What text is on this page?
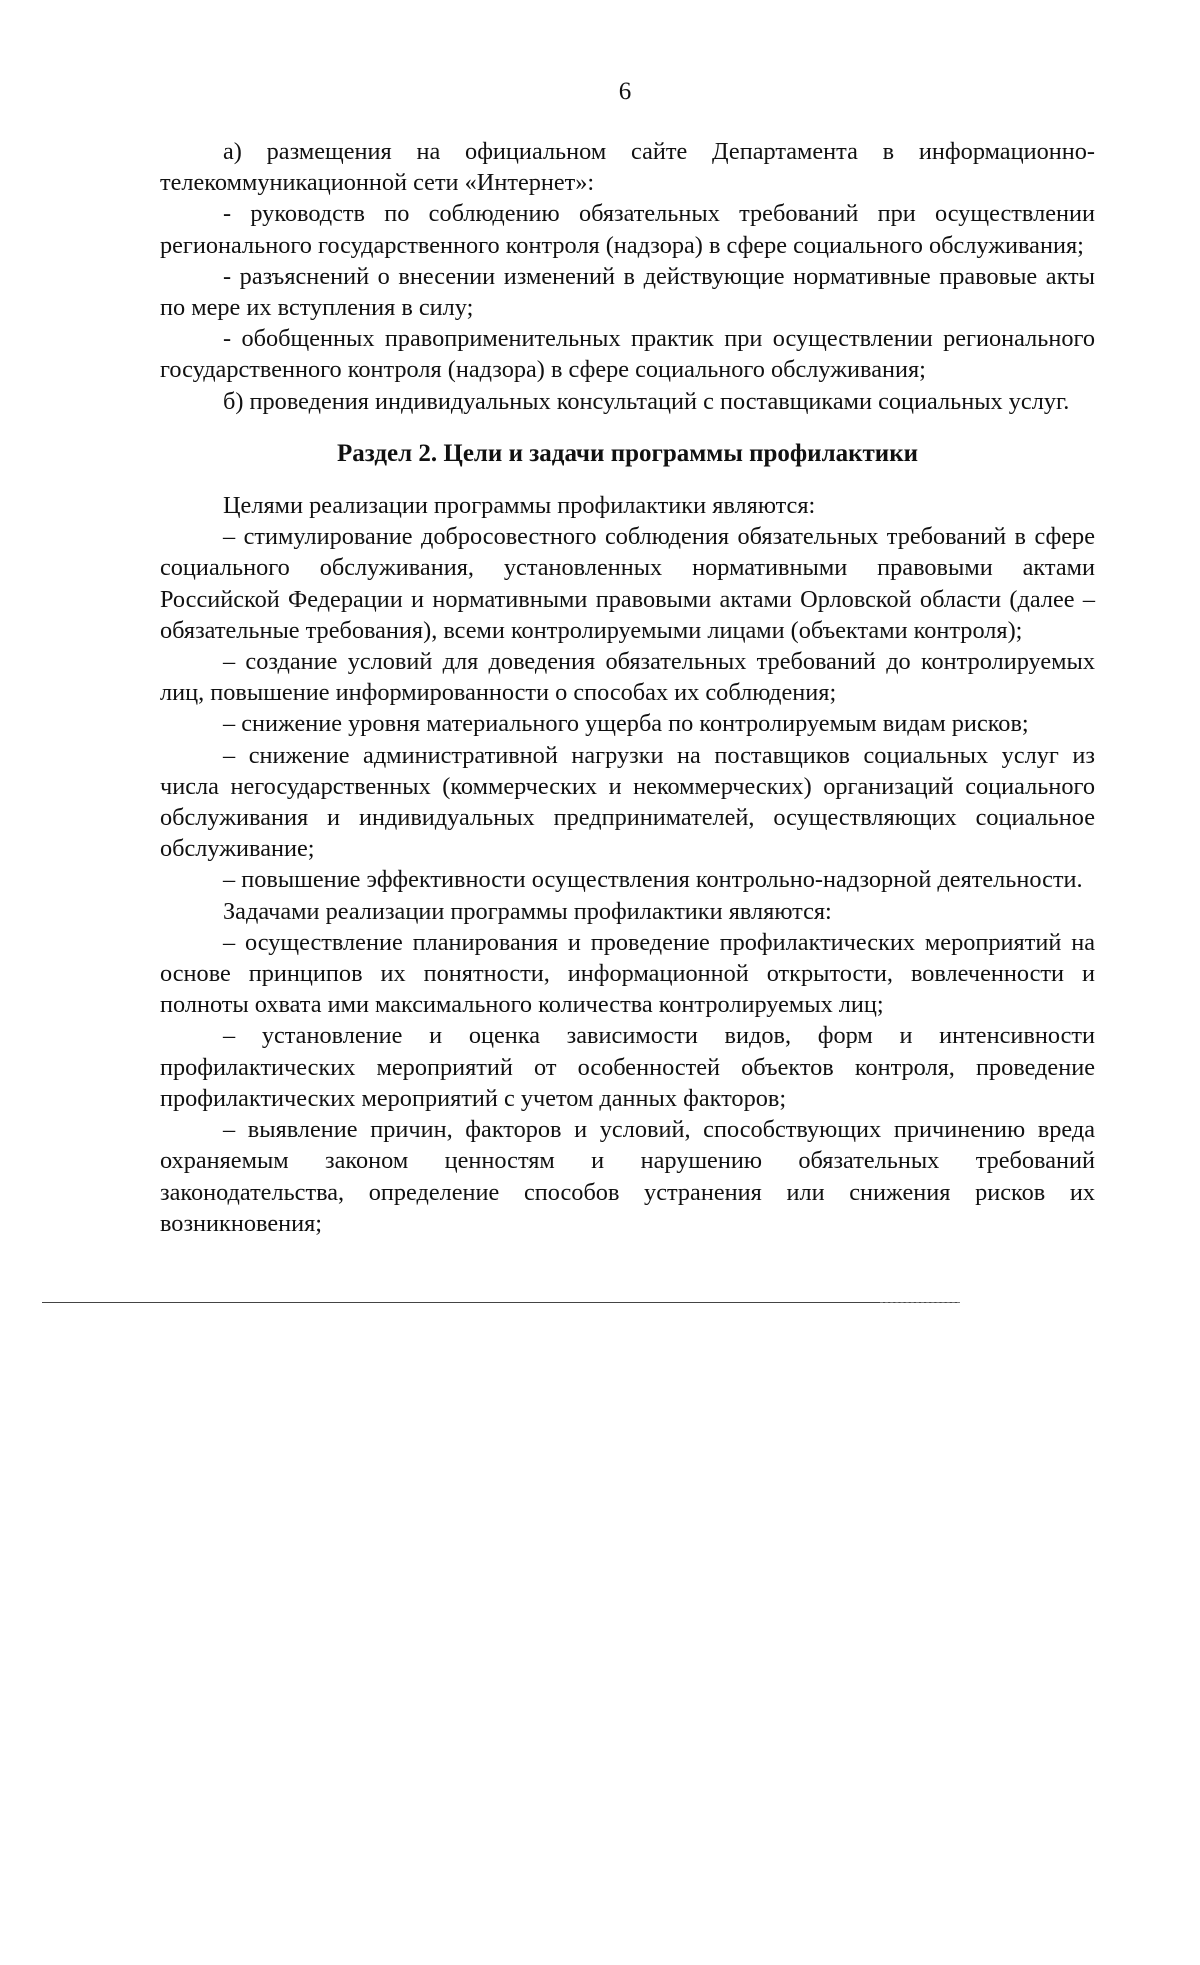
6

а) размещения на официальном сайте Департамента в информационно-телекоммуникационной сети «Интернет»:

- руководств по соблюдению обязательных требований при осуществлении регионального государственного контроля (надзора) в сфере социального обслуживания;

- разъяснений о внесении изменений в действующие нормативные правовые акты по мере их вступления в силу;

- обобщенных правоприменительных практик при осуществлении регионального государственного контроля (надзора) в сфере социального обслуживания;

б) проведения индивидуальных консультаций с поставщиками социальных услуг.

Раздел 2. Цели и задачи программы профилактики

Целями реализации программы профилактики являются:

– стимулирование добросовестного соблюдения обязательных требований в сфере социального обслуживания, установленных нормативными правовыми актами Российской Федерации и нормативными правовыми актами Орловской области (далее – обязательные требования), всеми контролируемыми лицами (объектами контроля);

– создание условий для доведения обязательных требований до контролируемых лиц, повышение информированности о способах их соблюдения;

– снижение уровня материального ущерба по контролируемым видам рисков;

– снижение административной нагрузки на поставщиков социальных услуг из числа негосударственных (коммерческих и некоммерческих) организаций социального обслуживания и индивидуальных предпринимателей, осуществляющих социальное обслуживание;

– повышение эффективности осуществления контрольно-надзорной деятельности.

Задачами реализации программы профилактики являются:

– осуществление планирования и проведение профилактических мероприятий на основе принципов их понятности, информационной открытости, вовлеченности и полноты охвата ими максимального количества контролируемых лиц;

– установление и оценка зависимости видов, форм и интенсивности профилактических мероприятий от особенностей объектов контроля, проведение профилактических мероприятий с учетом данных факторов;

– выявление причин, факторов и условий, способствующих причинению вреда охраняемым законом ценностям и нарушению обязательных требований законодательства, определение способов устранения или снижения рисков их возникновения;
